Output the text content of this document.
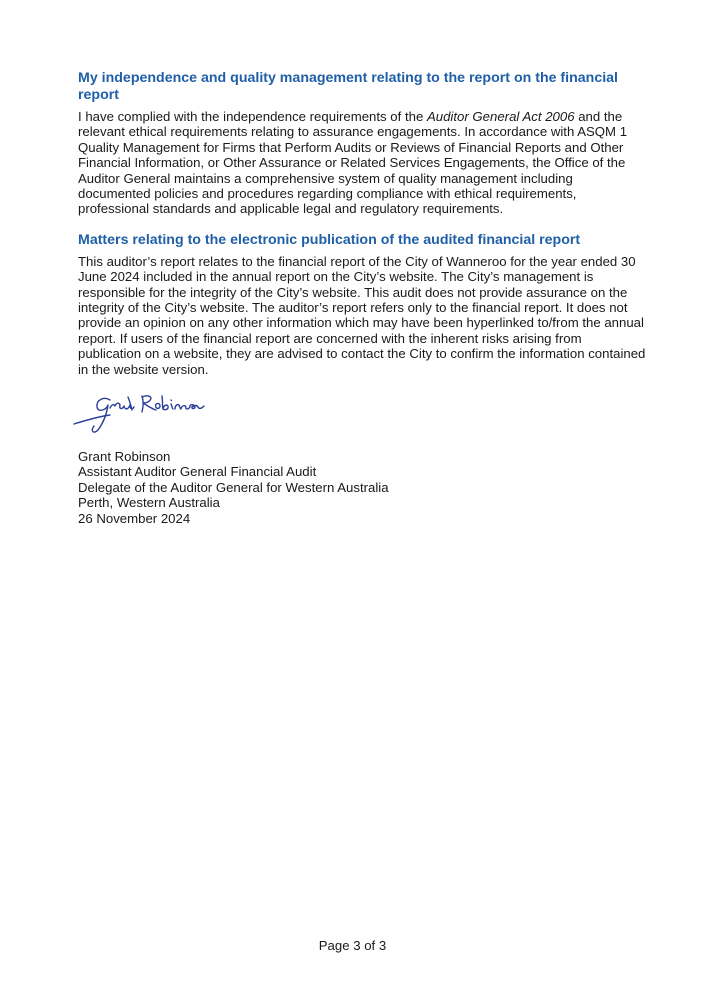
My independence and quality management relating to the report on the financial report

I have complied with the independence requirements of the Auditor General Act 2006 and the relevant ethical requirements relating to assurance engagements. In accordance with ASQM 1 Quality Management for Firms that Perform Audits or Reviews of Financial Reports and Other Financial Information, or Other Assurance or Related Services Engagements, the Office of the Auditor General maintains a comprehensive system of quality management including documented policies and procedures regarding compliance with ethical requirements, professional standards and applicable legal and regulatory requirements.

Matters relating to the electronic publication of the audited financial report

This auditor’s report relates to the financial report of the City of Wanneroo for the year ended 30 June 2024 included in the annual report on the City’s website. The City’s management is responsible for the integrity of the City’s website. This audit does not provide assurance on the integrity of the City’s website. The auditor’s report refers only to the financial report. It does not provide an opinion on any other information which may have been hyperlinked to/from the annual report. If users of the financial report are concerned with the inherent risks arising from publication on a website, they are advised to contact the City to confirm the information contained in the website version.

Grant Robinson
Assistant Auditor General Financial Audit
Delegate of the Auditor General for Western Australia
Perth, Western Australia
26 November 2024
Page 3 of 3
